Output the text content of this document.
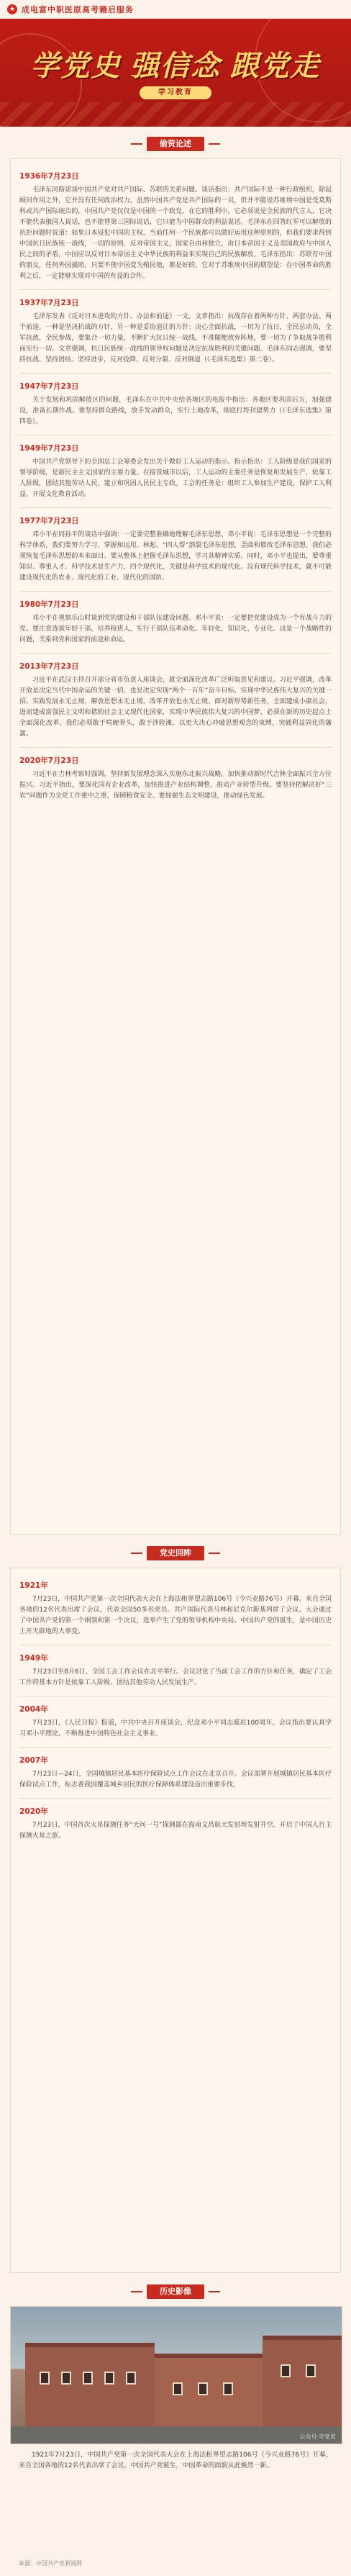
★ 成电富中职医原高考籍后服务
学党史 强信念 跟党走
学习教育
偷资论述
1936年7月23日

毛泽东同斯诺谈中国共产党对共产国际、苏联的关系问题。谈话指出：共产国际不是一种行政组织，除起顾问作用之外，它并没有任何政治权力。虽然中国共产党是共产国际的一员，但并不能说苏维埃中国是受莫斯科或共产国际统治的。中国共产党仅仅是中国的一个政党，在它的胜利中，它必须说是全民族的代言人，它决不能代表俄国人说话，也不能替第三国际说话，它只能为中国群众的利益说话。毛泽东在回答红军可以解放的抗拒问题时说道：如果日本侵犯中国的主权，当前任何一个民族都可以做好运用这种原则的，但我们要求得到中国抗日民族统一战线，一切的原则，反对帝国主义，国家自由和独立，由日本帝国主义及卖国政府与中国人民之间的矛盾，中国应以反对日本帝国主义中华民族的利益来实现自己的民族解放。毛泽东指出：苏联有中国的朋友，任何外国援助，只要不使中国变为殖民地，都是好的。它对于苏维埃中国的期望是：在中国革命的胜利之后，一定能够实现对中国的有益的合作。

1937年7月23日

毛泽东发表《反对日本进攻的方针、办法和前途》一文。文章指出：抗战存在着两种方针、两套办法、两个前途。一种是坚决抗战的方针，另一种是妥协退让的方针；决心全面抗战，一切为了抗日，全民总动员，全军抗敌，全民参战，要集合一切力量，不断扩大抗日统一战线。不准随便放弃阵地，要一切为了争取战争胜利而实行一切。文章强调，抗日民族统一战线的领导权问题是决定抗战胜利的关键问题。毛泽东同志强调，要坚持抗战、坚持团结、坚持进步，反对投降、反对分裂、反对倒退（《毛泽东选集》第二卷）。

1947年7月23日

关于发展和巩固解放区的问题，毛泽东在中共中央给各地区的电报中指出：各地区要巩固后方，加强建设，准备长期作战。要坚持群众路线，放手发动群众，实行土地改革，彻底打垮封建势力（《毛泽东选集》第四卷）。

1949年7月23日

中国共产党领导下的全国总工会筹委会发出关于做好工人运动的指示。指示指出：工人阶级是我们国家的领导阶级，是新民主主义国家的主要力量。在接管城市以后，工人运动的主要任务是恢复和发展生产，依靠工人阶级，团结其他劳动人民，建立和巩固人民民主专政。工会的任务是：组织工人参加生产建设，保护工人利益，开展文化教育活动。

1977年7月23日

邓小平在同孙平的谈话中强调：一定要完整准确地理解毛泽东思想。邓小平说：毛泽东思想是一个完整的科学体系，我们要努力学习、掌握和运用。林彪、“四人帮”割裂毛泽东思想，歪曲和篡改毛泽东思想，我们必须恢复毛泽东思想的本来面目。要从整体上把握毛泽东思想，学习其精神实质。同时，邓小平也提出，要尊重知识、尊重人才。科学技术是生产力，四个现代化，关键是科学技术的现代化。没有现代科学技术，就不可能建设现代化的农业、现代化的工业、现代化的国防。

1980年7月23日

邓小平在视察乐山时谈到党的建设和干部队伍建设问题。邓小平说：一定要把党建设成为一个有战斗力的党。要注意选拔年轻干部，培养接班人，实行干部队伍革命化、年轻化、知识化、专业化。这是一个战略性的问题，关系到党和国家的前途和命运。

2013年7月23日

习近平在武汉主持召开部分省市负责人座谈会，就全面深化改革广泛听取意见和建议。习近平强调，改革开放是决定当代中国命运的关键一招，也是决定实现“两个一百年”奋斗目标、实现中华民族伟大复兴的关键一招。实践发展永无止境，解放思想永无止境，改革开放也永无止境。面对新形势新任务，全面建成小康社会，进而建成富强民主文明和谐的社会主义现代化国家，实现中华民族伟大复兴的中国梦，必须在新的历史起点上全面深化改革。我们必须敢于啃硬骨头，敢于涉险滩，以更大决心冲破思想观念的束缚，突破利益固化的藩篱。

2020年7月23日

习近平在吉林考察时强调，坚持新发展理念深入实施东北振兴战略，加快推动新时代吉林全面振兴全方位振兴。习近平指出，要深化国有企业改革，加快推进产业结构调整，推动产业转型升级。要坚持把解决好“三农”问题作为全党工作重中之重，保障粮食安全。要加强生态文明建设，推动绿色发展。

党史回眸
1921年

7月23日，中国共产党第一次全国代表大会在上海法租界望志路106号（今兴业路76号）开幕。来自全国各地的12名代表出席了会议，代表全国50多名党员。共产国际代表马林和尼克尔斯基列席了会议。大会通过了中国共产党的第一个纲领和第一个决议，选举产生了党的领导机构中央局。中国共产党的诞生，是中国历史上开天辟地的大事变。

1949年

7月23日至8月6日，全国工会工作会议在北平举行。会议讨论了当前工会工作的方针和任务，确定了工会工作的基本方针是依靠工人阶级、团结其他劳动人民发展生产。

2004年

7月23日，《人民日报》报道，中共中央召开座谈会，纪念邓小平同志诞辰100周年，会议指出要认真学习邓小平理论，不断推进中国特色社会主义事业。

2007年

7月23日—24日，全国城镇居民基本医疗保险试点工作会议在北京召开。会议部署开展城镇居民基本医疗保险试点工作，标志着我国覆盖城乡居民的医疗保障体系建设迈出重要步伐。

2020年

7月23日，中国首次火星探测任务“天问一号”探测器在海南文昌航天发射场发射升空，开启了中国人自主探测火星之旅。

历史影像
公众号·学党史
1921年7月23日，中国共产党第一次全国代表大会在上海法租界望志路106号（今兴业路76号）开幕，来自全国各地的12名代表出席了会议。中国共产党诞生，中国革命的面貌从此焕然一新。
来源：中国共产党新闻网
